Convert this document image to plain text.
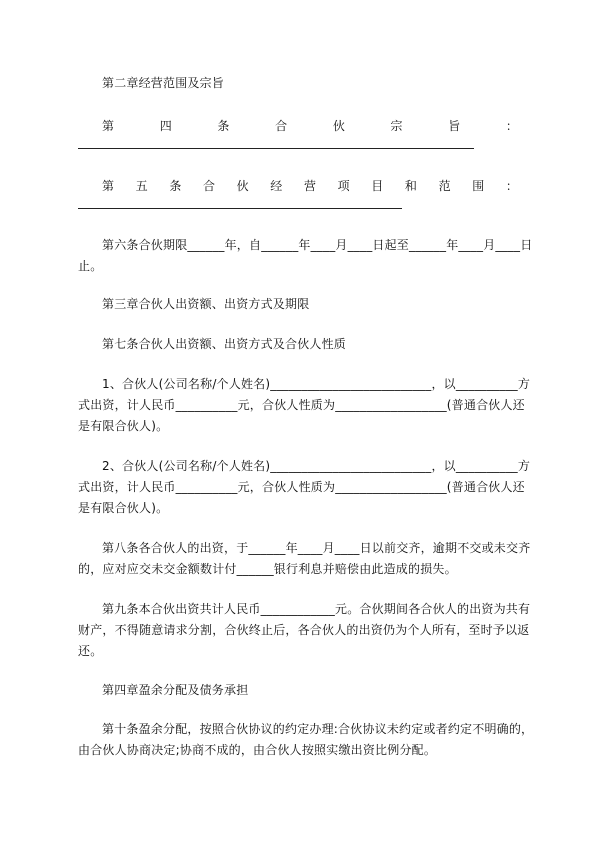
第二章经营范围及宗旨
第	四	条	合	伙	宗	旨	：
第 五 条 合 伙 经 营 项 目 和 范 围 ：
第六条合伙期限______年，自______年____月____日起至______年____月____日
止。
第三章合伙人出资额、出资方式及期限
第七条合伙人出资额、出资方式及合伙人性质
1、合伙人(公司名称/个人姓名)__________________________，以__________方
式出资，计人民币__________元，合伙人性质为__________________(普通合伙人还
是有限合伙人)。
2、合伙人(公司名称/个人姓名)__________________________，以__________方
式出资，计人民币__________元，合伙人性质为__________________(普通合伙人还
是有限合伙人)。
第八条各合伙人的出资，于______年____月____日以前交齐，逾期不交或未交齐
的，应对应交未交金额数计付______银行利息并赔偿由此造成的损失。
第九条本合伙出资共计人民币____________元。合伙期间各合伙人的出资为共有
财产，不得随意请求分割，合伙终止后，各合伙人的出资仍为个人所有，至时予以返
还。
第四章盈余分配及债务承担
第十条盈余分配，按照合伙协议的约定办理:合伙协议未约定或者约定不明确的，
由合伙人协商决定;协商不成的，由合伙人按照实缴出资比例分配。
